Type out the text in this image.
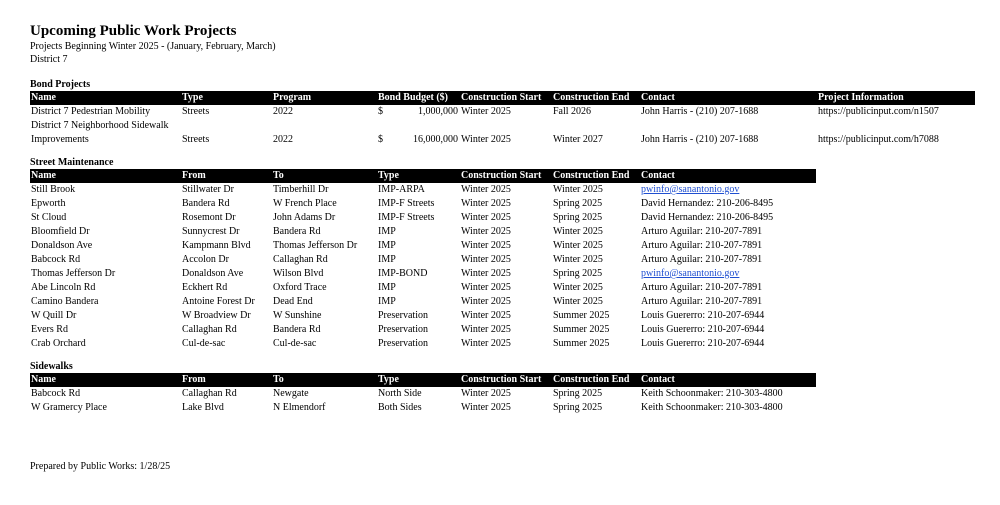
Upcoming Public Work Projects
Projects Beginning Winter 2025 - (January, February, March)
District 7
Bond Projects
Name	Type	Program	Bond Budget ($)	Construction Start	Construction End	Contact	Project Information
District 7 Pedestrian Mobility	Streets	2022	$ 1,000,000	Winter 2025	Fall 2026	John Harris - (210) 207-1688	https://publicinput.com/n1507
District 7 Neighborhood Sidewalk Improvements	Streets	2022	$ 16,000,000	Winter 2025	Winter 2027	John Harris - (210) 207-1688	https://publicinput.com/h7088
Street Maintenance
Name	From	To	Type	Construction Start	Construction End	Contact
Still Brook	Stillwater Dr	Timberhill Dr	IMP-ARPA	Winter 2025	Winter 2025	pwinfo@sanantonio.gov
Epworth	Bandera Rd	W French Place	IMP-F Streets	Winter 2025	Spring 2025	David Hernandez: 210-206-8495
St Cloud	Rosemont Dr	John Adams Dr	IMP-F Streets	Winter 2025	Spring 2025	David Hernandez: 210-206-8495
Bloomfield Dr	Sunnycrest Dr	Bandera Rd	IMP	Winter 2025	Winter 2025	Arturo Aguilar: 210-207-7891
Donaldson Ave	Kampmann Blvd	Thomas Jefferson Dr	IMP	Winter 2025	Winter 2025	Arturo Aguilar: 210-207-7891
Babcock Rd	Accolon Dr	Callaghan Rd	IMP	Winter 2025	Winter 2025	Arturo Aguilar: 210-207-7891
Thomas Jefferson Dr	Donaldson Ave	Wilson Blvd	IMP-BOND	Winter 2025	Spring 2025	pwinfo@sanantonio.gov
Abe Lincoln Rd	Eckhert Rd	Oxford Trace	IMP	Winter 2025	Winter 2025	Arturo Aguilar: 210-207-7891
Camino Bandera	Antoine Forest Dr	Dead End	IMP	Winter 2025	Winter 2025	Arturo Aguilar: 210-207-7891
W Quill Dr	W Broadview Dr	W Sunshine	Preservation	Winter 2025	Summer 2025	Louis Guererro: 210-207-6944
Evers Rd	Callaghan Rd	Bandera Rd	Preservation	Winter 2025	Summer 2025	Louis Guererro: 210-207-6944
Crab Orchard	Cul-de-sac	Cul-de-sac	Preservation	Winter 2025	Summer 2025	Louis Guererro: 210-207-6944
Sidewalks
Name	From	To	Type	Construction Start	Construction End	Contact
Babcock Rd	Callaghan Rd	Newgate	North Side	Winter 2025	Spring 2025	Keith Schoonmaker: 210-303-4800
W Gramercy Place	Lake Blvd	N Elmendorf	Both Sides	Winter 2025	Spring 2025	Keith Schoonmaker: 210-303-4800
Prepared by Public Works: 1/28/25
